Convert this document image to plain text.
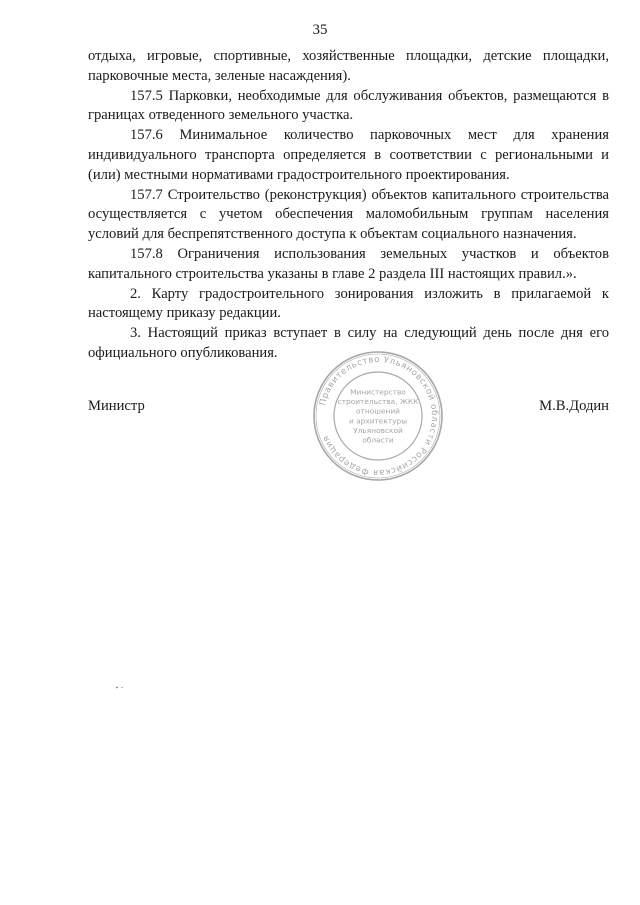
35

отдыха, игровые, спортивные, хозяйственные площадки, детские площадки, парковочные места, зеленые насаждения).

157.5 Парковки, необходимые для обслуживания объектов, размещаются в границах отведенного земельного участка.

157.6 Минимальное количество парковочных мест для хранения индивидуального транспорта определяется в соответствии с региональными и (или) местными нормативами градостроительного проектирования.

157.7 Строительство (реконструкция) объектов капитального строительства осуществляется с учетом обеспечения маломобильным группам населения условий для беспрепятственного доступа к объектам социального назначения.

157.8 Ограничения использования земельных участков и объектов капитального строительства указаны в главе 2 раздела III настоящих правил.».

2. Карту градостроительного зонирования изложить в прилагаемой к настоящему приказу редакции.

3. Настоящий приказ вступает в силу на следующий день после дня его официального опубликования.

Министр	М.В.Додин
Правительство Ульяновской области Российская Федерация
Министерство
строительства, ЖКК
отношений
и архитектуры
Ульяновской
области
